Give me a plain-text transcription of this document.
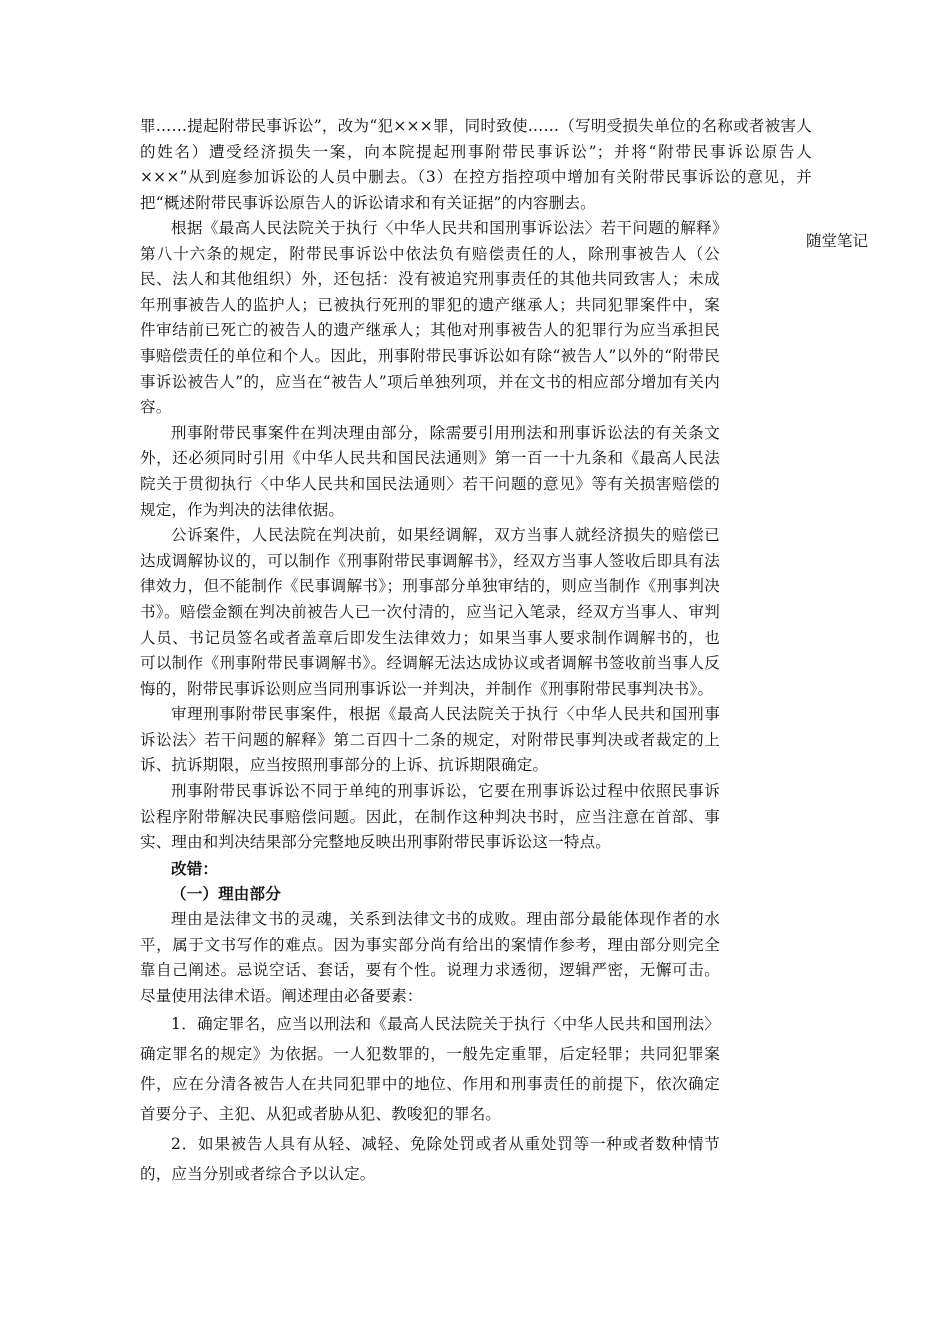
罪……提起附带民事诉讼”，改为“犯×××罪，同时致使……（写明受损失单位的名称或者被害人的姓名）遭受经济损失一案，向本院提起刑事附带民事诉讼”；并将“附带民事诉讼原告人×××”从到庭参加诉讼的人员中删去。（3）在控方指控项中增加有关附带民事诉讼的意见，并把“概述附带民事诉讼原告人的诉讼请求和有关证据”的内容删去。

随堂笔记

根据《最高人民法院关于执行〈中华人民共和国刑事诉讼法〉若干问题的解释》第八十六条的规定，附带民事诉讼中依法负有赔偿责任的人，除刑事被告人（公民、法人和其他组织）外，还包括：没有被追究刑事责任的其他共同致害人；未成年刑事被告人的监护人；已被执行死刑的罪犯的遗产继承人；共同犯罪案件中，案件审结前已死亡的被告人的遗产继承人；其他对刑事被告人的犯罪行为应当承担民事赔偿责任的单位和个人。因此，刑事附带民事诉讼如有除“被告人”以外的“附带民事诉讼被告人”的，应当在“被告人”项后单独列项，并在文书的相应部分增加有关内容。

刑事附带民事案件在判决理由部分，除需要引用刑法和刑事诉讼法的有关条文外，还必须同时引用《中华人民共和国民法通则》第一百一十九条和《最高人民法院关于贯彻执行〈中华人民共和国民法通则〉若干问题的意见》等有关损害赔偿的规定，作为判决的法律依据。

公诉案件，人民法院在判决前，如果经调解，双方当事人就经济损失的赔偿已达成调解协议的，可以制作《刑事附带民事调解书》，经双方当事人签收后即具有法律效力，但不能制作《民事调解书》；刑事部分单独审结的，则应当制作《刑事判决书》。赔偿金额在判决前被告人已一次付清的，应当记入笔录，经双方当事人、审判人员、书记员签名或者盖章后即发生法律效力；如果当事人要求制作调解书的，也可以制作《刑事附带民事调解书》。经调解无法达成协议或者调解书签收前当事人反悔的，附带民事诉讼则应当同刑事诉讼一并判决，并制作《刑事附带民事判决书》。

审理刑事附带民事案件，根据《最高人民法院关于执行〈中华人民共和国刑事诉讼法〉若干问题的解释》第二百四十二条的规定，对附带民事判决或者裁定的上诉、抗诉期限，应当按照刑事部分的上诉、抗诉期限确定。

刑事附带民事诉讼不同于单纯的刑事诉讼，它要在刑事诉讼过程中依照民事诉讼程序附带解决民事赔偿问题。因此，在制作这种判决书时，应当注意在首部、事实、理由和判决结果部分完整地反映出刑事附带民事诉讼这一特点。

改错：

（一）理由部分

理由是法律文书的灵魂，关系到法律文书的成败。理由部分最能体现作者的水平，属于文书写作的难点。因为事实部分尚有给出的案情作参考，理由部分则完全靠自己阐述。忌说空话、套话，要有个性。说理力求透彻，逻辑严密，无懈可击。尽量使用法律术语。阐述理由必备要素：

1．确定罪名，应当以刑法和《最高人民法院关于执行〈中华人民共和国刑法〉确定罪名的规定》为依据。一人犯数罪的，一般先定重罪，后定轻罪；共同犯罪案件，应在分清各被告人在共同犯罪中的地位、作用和刑事责任的前提下，依次确定首要分子、主犯、从犯或者胁从犯、教唆犯的罪名。

2．如果被告人具有从轻、减轻、免除处罚或者从重处罚等一种或者数种情节的，应当分别或者综合予以认定。
